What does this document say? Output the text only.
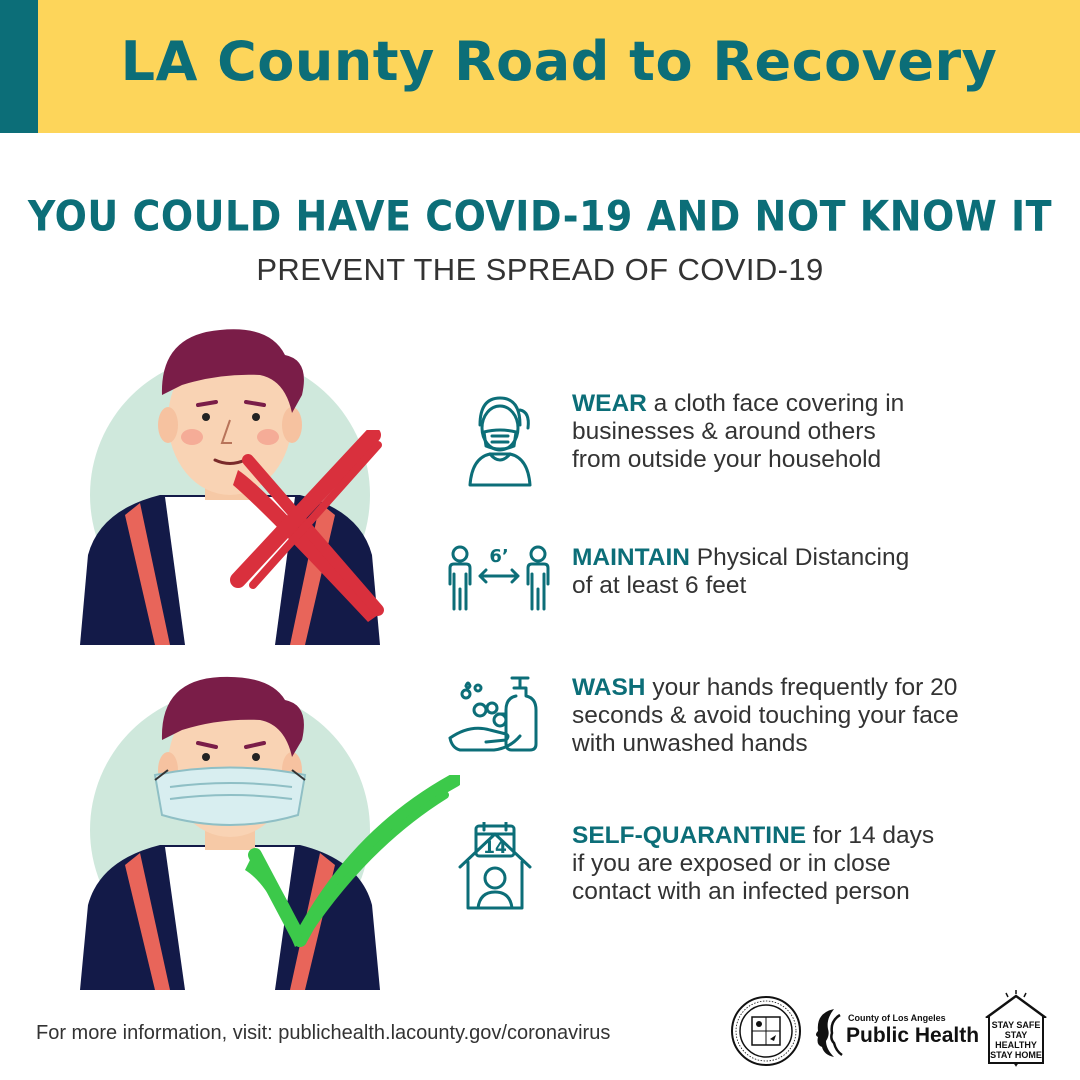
LA County Road to Recovery
YOU COULD HAVE COVID-19 AND NOT KNOW IT
PREVENT THE SPREAD OF COVID-19
WEAR a cloth face covering in
businesses & around others
from outside your household
6’	MAINTAIN Physical Distancing
of at least 6 feet
WASH your hands frequently for 20
seconds & avoid touching your face
with unwashed hands
14	SELF-QUARANTINE for 14 days
if you are exposed or in close
contact with an infected person
For more information, visit: publichealth.lacounty.gov/coronavirus
County of Los Angeles
Public Health STAY SAFE
STAY HEALTHY
STAY HOME
♥
